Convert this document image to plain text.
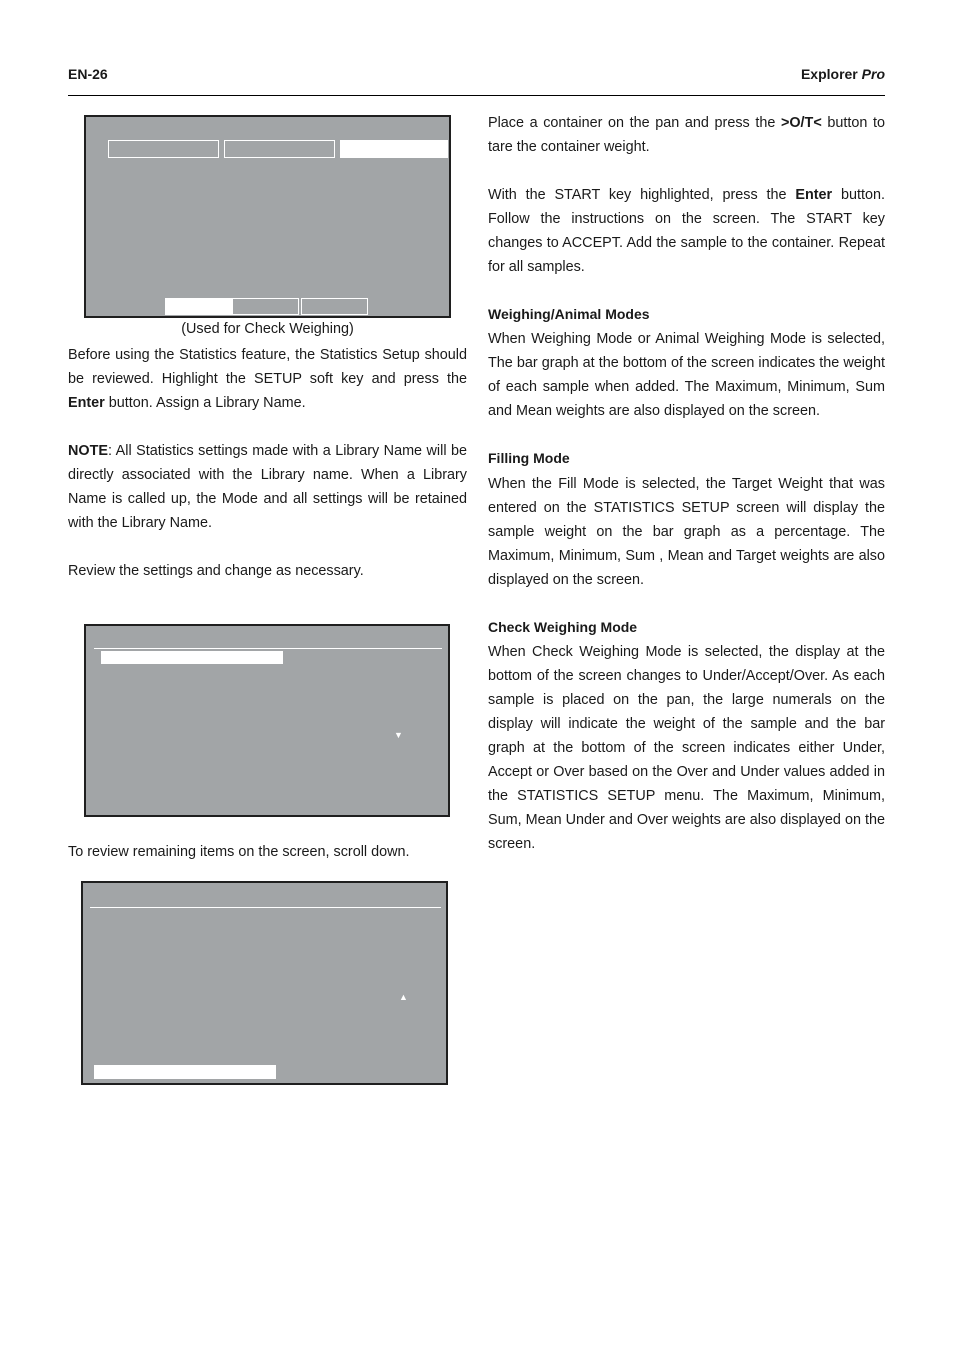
EN-26	Explorer Pro
(Used for Check Weighing)

Before using the Statistics feature, the Statistics Setup should be reviewed. Highlight the SETUP soft key and press the Enter button. Assign a Library Name.

NOTE: All Statistics settings made with a Library Name will be directly associated with the Library name. When a Library Name is called up, the Mode and all settings will be retained with the Library Name.

Review the settings and change as necessary.

▼

To review remaining items on the screen, scroll down.

▲

Place a container on the pan and press the >O/T< button to tare the container weight.

With the START key highlighted, press the Enter button. Follow the instructions on the screen. The START key changes to ACCEPT. Add the sample to the container. Repeat for all samples.

Weighing/Animal Modes

When Weighing Mode or Animal Weighing Mode is selected, The bar graph at the bottom of the screen indicates the weight of each sample when added. The Maximum, Minimum, Sum and Mean weights are also displayed on the screen.

Filling Mode

When the Fill Mode is selected, the Target Weight that was entered on the STATISTICS SETUP screen will display the sample weight on the bar graph as a percentage. The Maximum, Minimum, Sum , Mean and Target weights are also displayed on the screen.

Check Weighing Mode

When Check Weighing Mode is selected, the display at the bottom of the screen changes to Under/Accept/Over. As each sample is placed on the pan, the large numerals on the display will indicate the weight of the sample and the bar graph at the bottom of the screen indicates either Under, Accept or Over based on the Over and Under values added in the STATISTICS SETUP menu. The Maximum, Minimum, Sum, Mean Under and Over weights are also displayed on the screen.
